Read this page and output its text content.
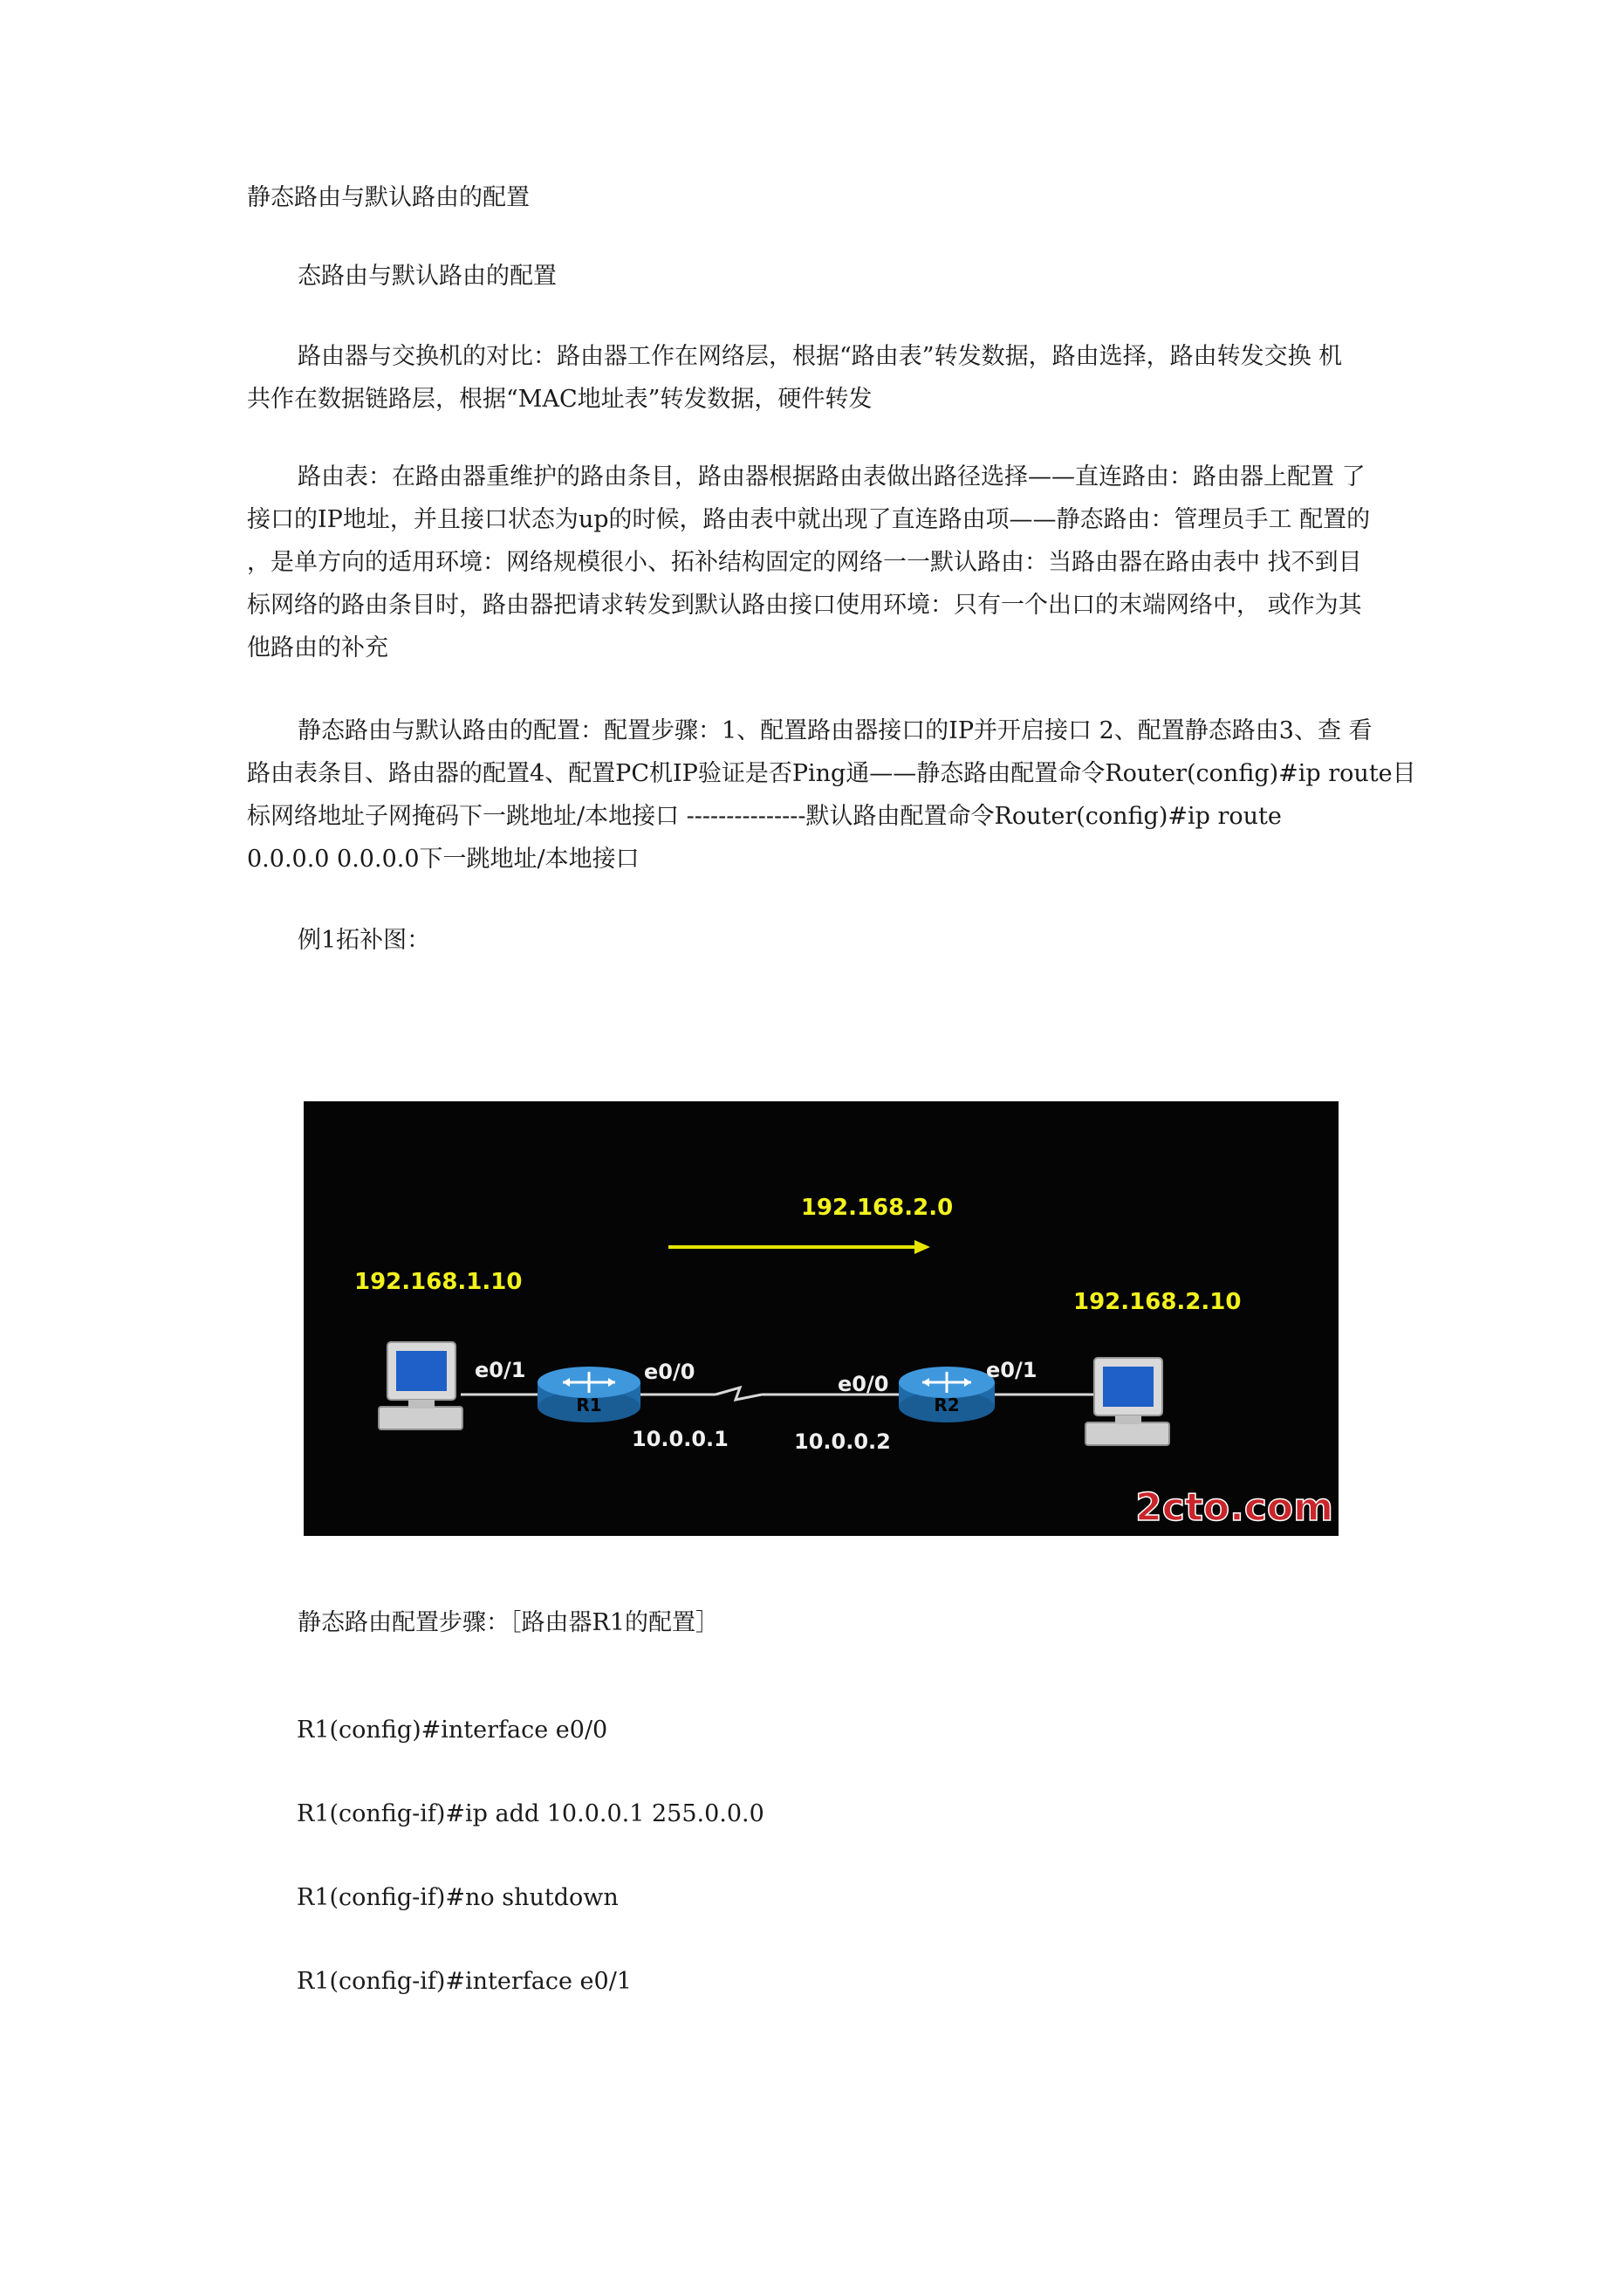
静态路由与默认路由的配置

态路由与默认路由的配置

路由器与交换机的对比：路由器工作在网络层，根据“路由表”转发数据，路由选择，路由转发交换 机
共作在数据链路层，根据“MAC地址表”转发数据，硬件转发
路由表：在路由器重维护的路由条目，路由器根据路由表做出路径选择——直连路由：路由器上配置 了
接口的IP地址，并且接口状态为up的时候，路由表中就出现了直连路由项——静态路由：管理员手工 配置的
，是单方向的适用环境：网络规模很小、拓补结构固定的网络一一默认路由：当路由器在路由表中 找不到目
标网络的路由条目时，路由器把请求转发到默认路由接口使用环境：只有一个出口的末端网络中， 或作为其
他路由的补充
静态路由与默认路由的配置：配置步骤：1、配置路由器接口的IP并开启接口 2、配置静态路由3、查 看
路由表条目、路由器的配置4、配置PC机IP验证是否Ping通——静态路由配置命令Router(config)#ip route目
标网络地址子网掩码下一跳地址/本地接口 ---------------默认路由配置命令Router(config)#ip route
0.0.0.0 0.0.0.0下一跳地址/本地接口

例1拓补图：

192.168.2.0
192.168.1.10
192.168.2.10
R1	R2
e0/1	e0/0	e0/0
e0/1
10.0.0.1	10.0.0.2
2cto.com

静态路由配置步骤：［路由器R1的配置］

R1(config)#interface e0/0

R1(config-if)#ip add 10.0.0.1 255.0.0.0

R1(config-if)#no shutdown

R1(config-if)#interface e0/1
